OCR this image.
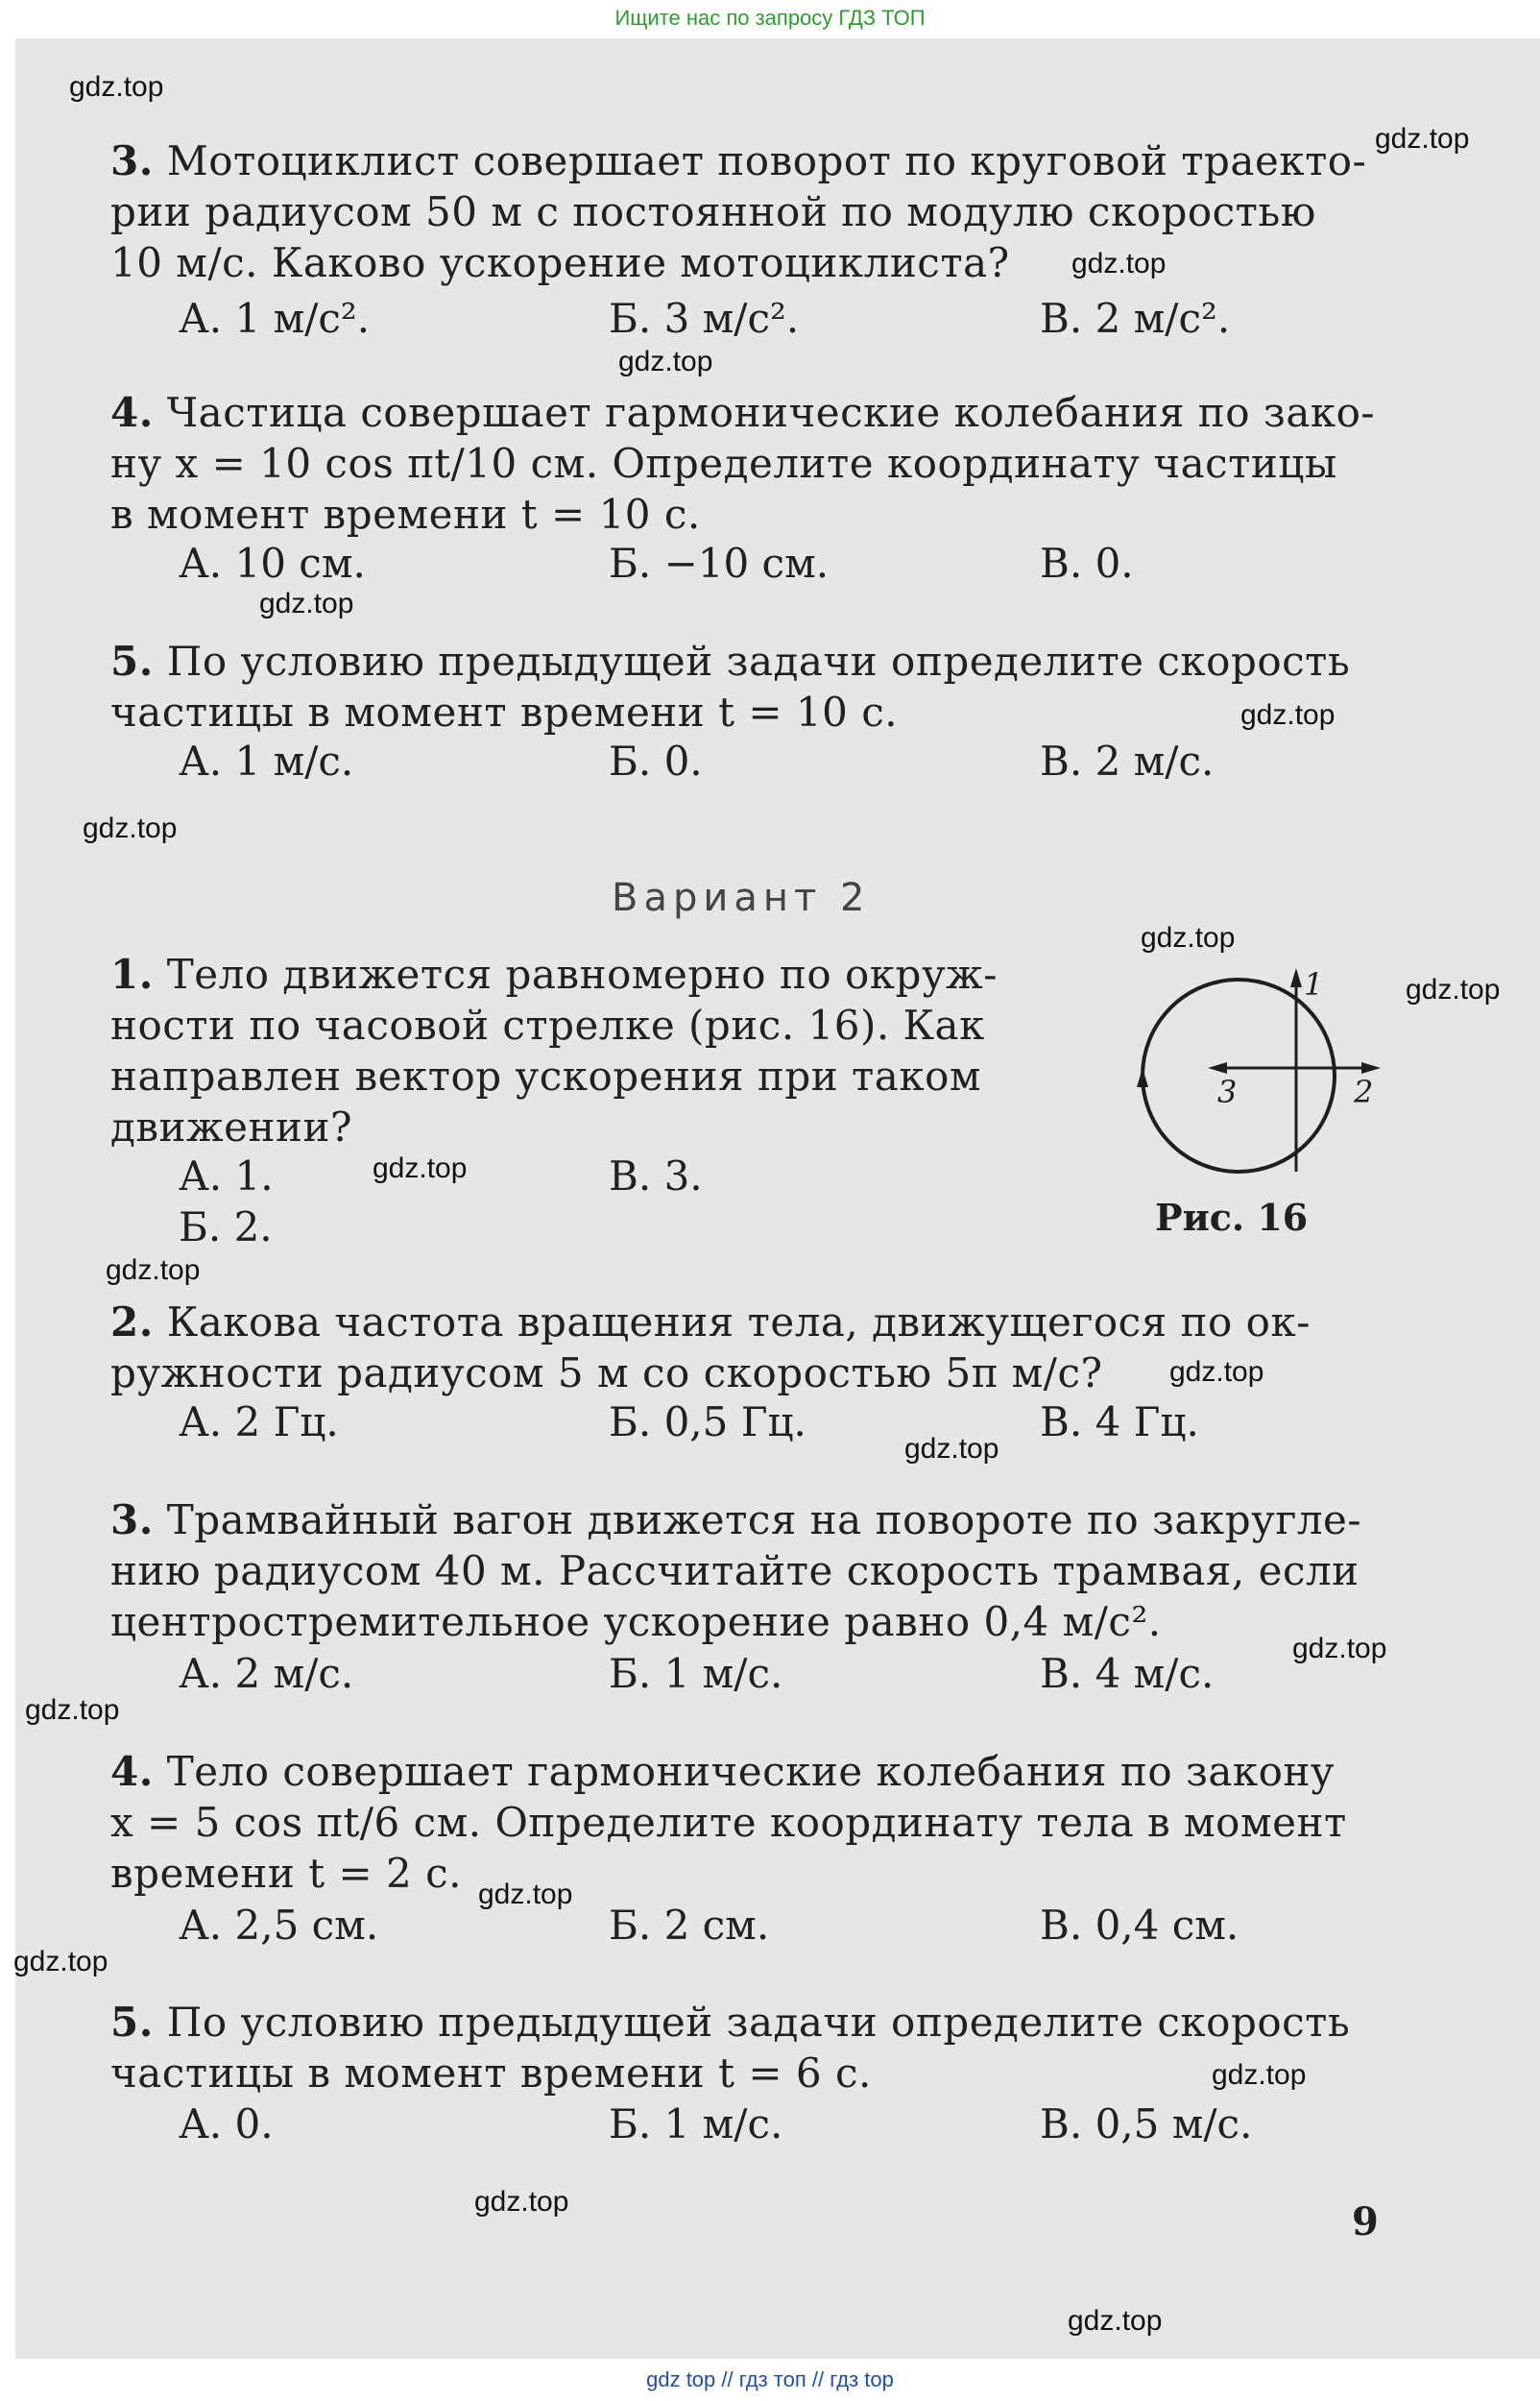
Ищите нас по запросу ГДЗ ТОП
3. Мотоциклист совершает поворот по круговой траекто-
рии радиусом 50 м с постоянной по модулю скоростью
10 м/с. Каково ускорение мотоциклиста?
А. 1 м/с².	Б. 3 м/с².	В. 2 м/с².
4. Частица совершает гармонические колебания по зако-
ну x = 10 cos πt/10 см. Определите координату частицы
в момент времени t = 10 с.
А. 10 см.	Б. −10 см.	В. 0.
5. По условию предыдущей задачи определите скорость
частицы в момент времени t = 10 с.
А. 1 м/с.	Б. 0.	В. 2 м/с.
Вариант 2
1. Тело движется равномерно по окруж-
ности по часовой стрелке (рис. 16). Как
направлен вектор ускорения при таком
движении?
А. 1.	В. 3.
Б. 2.
1
2
3
Рис. 16
2. Какова частота вращения тела, движущегося по ок-
ружности радиусом 5 м со скоростью 5π м/с?
А. 2 Гц.	Б. 0,5 Гц.	В. 4 Гц.
3. Трамвайный вагон движется на повороте по закругле-
нию радиусом 40 м. Рассчитайте скорость трамвая, если
центростремительное ускорение равно 0,4 м/с².
А. 2 м/с.	Б. 1 м/с.	В. 4 м/с.
4. Тело совершает гармонические колебания по закону
x = 5 cos πt/6 см. Определите координату тела в момент
времени t = 2 с.
А. 2,5 см.	Б. 2 см.	В. 0,4 см.
5. По условию предыдущей задачи определите скорость
частицы в момент времени t = 6 с.
А. 0.	Б. 1 м/с.	В. 0,5 м/с.
9
gdz.top
gdz.top
gdz.top
gdz.top
gdz.top
gdz.top
gdz.top
gdz.top
gdz.top
gdz.top
gdz.top
gdz.top
gdz.top
gdz.top
gdz.top
gdz.top
gdz.top
gdz.top
gdz.top
gdz.top
gdz top // гдз топ // гдз top
